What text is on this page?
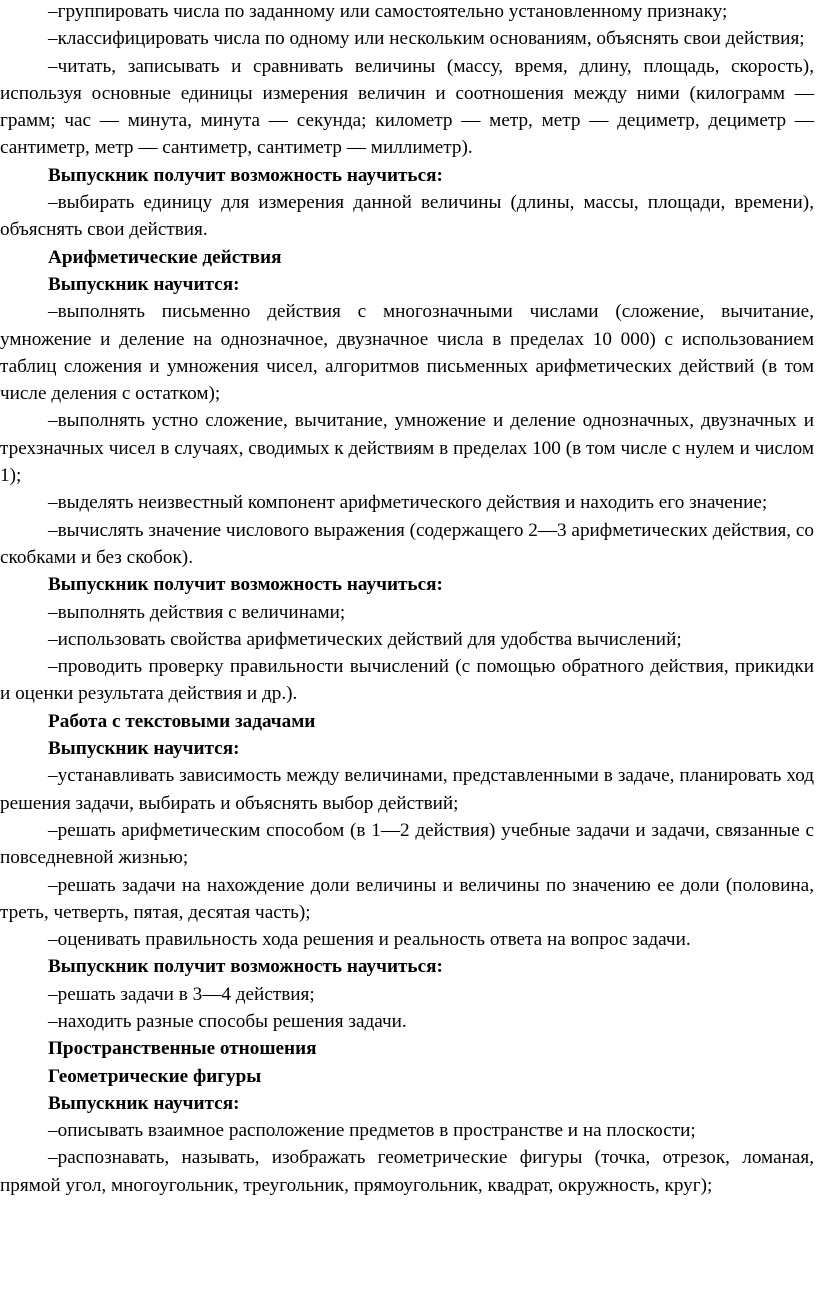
–группировать числа по заданному или самостоятельно установленному признаку;

–классифицировать числа по одному или нескольким основаниям, объяснять свои действия;

–читать, записывать и сравнивать величины (массу, время, длину, площадь, скорость), используя основные единицы измерения величин и соотношения между ними (килограмм — грамм; час — минута, минута — секунда; километр — метр, метр — дециметр, дециметр — сантиметр, метр — сантиметр, сантиметр — миллиметр).

Выпускник получит возможность научиться:

–выбирать единицу для измерения данной величины (длины, массы, площади, времени), объяснять свои действия.

Арифметические действия

Выпускник научится:

–выполнять письменно действия с многозначными числами (сложение, вычитание, умножение и деление на однозначное, двузначное числа в пределах 10 000) с использованием таблиц сложения и умножения чисел, алгоритмов письменных арифметических действий (в том числе деления с остатком);

–выполнять устно сложение, вычитание, умножение и деление однозначных, двузначных и трехзначных чисел в случаях, сводимых к действиям в пределах 100 (в том числе с нулем и числом 1);

–выделять неизвестный компонент арифметического действия и находить его значение;

–вычислять значение числового выражения (содержащего 2—3 арифметических действия, со скобками и без скобок).

Выпускник получит возможность научиться:

–выполнять действия с величинами;

–использовать свойства арифметических действий для удобства вычислений;

–проводить проверку правильности вычислений (с помощью обратного действия, прикидки и оценки результата действия и др.).

Работа с текстовыми задачами

Выпускник научится:

–устанавливать зависимость между величинами, представленными в задаче, планировать ход решения задачи, выбирать и объяснять выбор действий;

–решать арифметическим способом (в 1—2 действия) учебные задачи и задачи, связанные с повседневной жизнью;

–решать задачи на нахождение доли величины и величины по значению ее доли (половина, треть, четверть, пятая, десятая часть);

–оценивать правильность хода решения и реальность ответа на вопрос задачи.

Выпускник получит возможность научиться:

–решать задачи в 3—4 действия;

–находить разные способы решения задачи.

Пространственные отношения

Геометрические фигуры

Выпускник научится:

–описывать взаимное расположение предметов в пространстве и на плоскости;

–распознавать, называть, изображать геометрические фигуры (точка, отрезок, ломаная, прямой угол, многоугольник, треугольник, прямоугольник, квадрат, окружность, круг);
